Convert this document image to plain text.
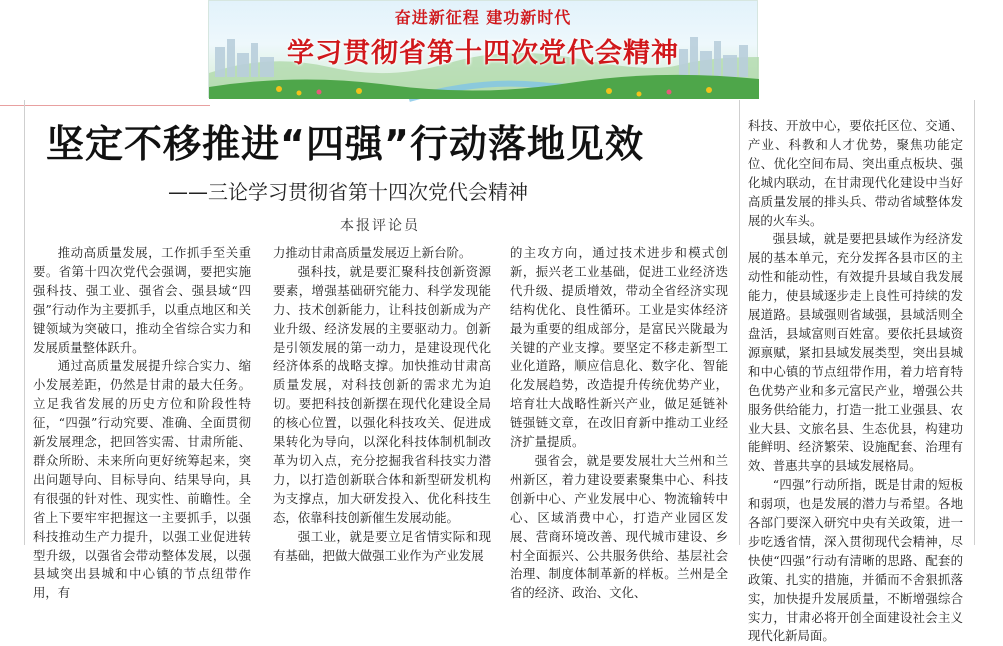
奋进新征程 建功新时代
学习贯彻省第十四次党代会精神
坚定不移推进“四强”行动落地见效
——三论学习贯彻省第十四次党代会精神
本报评论员

推动高质量发展，工作抓手至关重要。省第十四次党代会强调，要把实施强科技、强工业、强省会、强县域“四强”行动作为主要抓手，以重点地区和关键领域为突破口，推动全省综合实力和发展质量整体跃升。

通过高质量发展提升综合实力、缩小发展差距，仍然是甘肃的最大任务。立足我省发展的历史方位和阶段性特征，“四强”行动究要、准确、全面贯彻新发展理念，把回答实需、甘肃所能、群众所盼、未来所向更好统筹起来，突出问题导向、目标导向、结果导向，具有很强的针对性、现实性、前瞻性。全省上下要牢牢把握这一主要抓手，以强科技推动生产力提升，以强工业促进转型升级，以强省会带动整体发展，以强县域突出县城和中心镇的节点纽带作用，有

力推动甘肃高质量发展迈上新台阶。

强科技，就是要汇聚科技创新资源要素，增强基础研究能力、科学发现能力、技术创新能力，让科技创新成为产业升级、经济发展的主要驱动力。创新是引领发展的第一动力，是建设现代化经济体系的战略支撑。加快推动甘肃高质量发展，对科技创新的需求尤为迫切。要把科技创新摆在现代化建设全局的核心位置，以强化科技攻关、促进成果转化为导向，以深化科技体制机制改革为切入点，充分挖掘我省科技实力潜力，以打造创新联合体和新型研发机构为支撑点，加大研发投入、优化科技生态，依靠科技创新催生发展动能。

强工业，就是要立足省情实际和现有基础，把做大做强工业作为产业发展

的主攻方向，通过技术进步和模式创新，振兴老工业基础，促进工业经济迭代升级、提质增效，带动全省经济实现结构优化、良性循环。工业是实体经济最为重要的组成部分，是富民兴陇最为关键的产业支撑。要坚定不移走新型工业化道路，顺应信息化、数字化、智能化发展趋势，改造提升传统优势产业，培育壮大战略性新兴产业，做足延链补链强链文章，在改旧育新中推动工业经济扩量提质。

强省会，就是要发展壮大兰州和兰州新区，着力建设要素聚集中心、科技创新中心、产业发展中心、物流输转中心、区域消费中心，打造产业园区发展、营商环境改善、现代城市建设、乡村全面振兴、公共服务供给、基层社会治理、制度体制革新的样板。兰州是全省的经济、政治、文化、

科技、开放中心，要依托区位、交通、产业、科教和人才优势，聚焦功能定位、优化空间布局、突出重点板块、强化城内联动，在甘肃现代化建设中当好高质量发展的排头兵、带动省域整体发展的火车头。

强县域，就是要把县域作为经济发展的基本单元，充分发挥各县市区的主动性和能动性，有效提升县域自我发展能力，使县域逐步走上良性可持续的发展道路。县域强则省域强，县域活则全盘活，县域富则百姓富。要依托县域资源禀赋，紧扣县域发展类型，突出县城和中心镇的节点纽带作用，着力培育特色优势产业和多元富民产业，增强公共服务供给能力，打造一批工业强县、农业大县、文旅名县、生态优县，构建功能鲜明、经济繁荣、设施配套、治理有效、普惠共享的县域发展格局。

“四强”行动所指，既是甘肃的短板和弱项，也是发展的潜力与希望。各地各部门要深入研究中央有关政策，进一步吃透省情，深入贯彻现代会精神，尽快使“四强”行动有清晰的思路、配套的政策、扎实的措施，并循而不舍狠抓落实，加快提升发展质量，不断增强综合实力，甘肃必将开创全面建设社会主义现代化新局面。
